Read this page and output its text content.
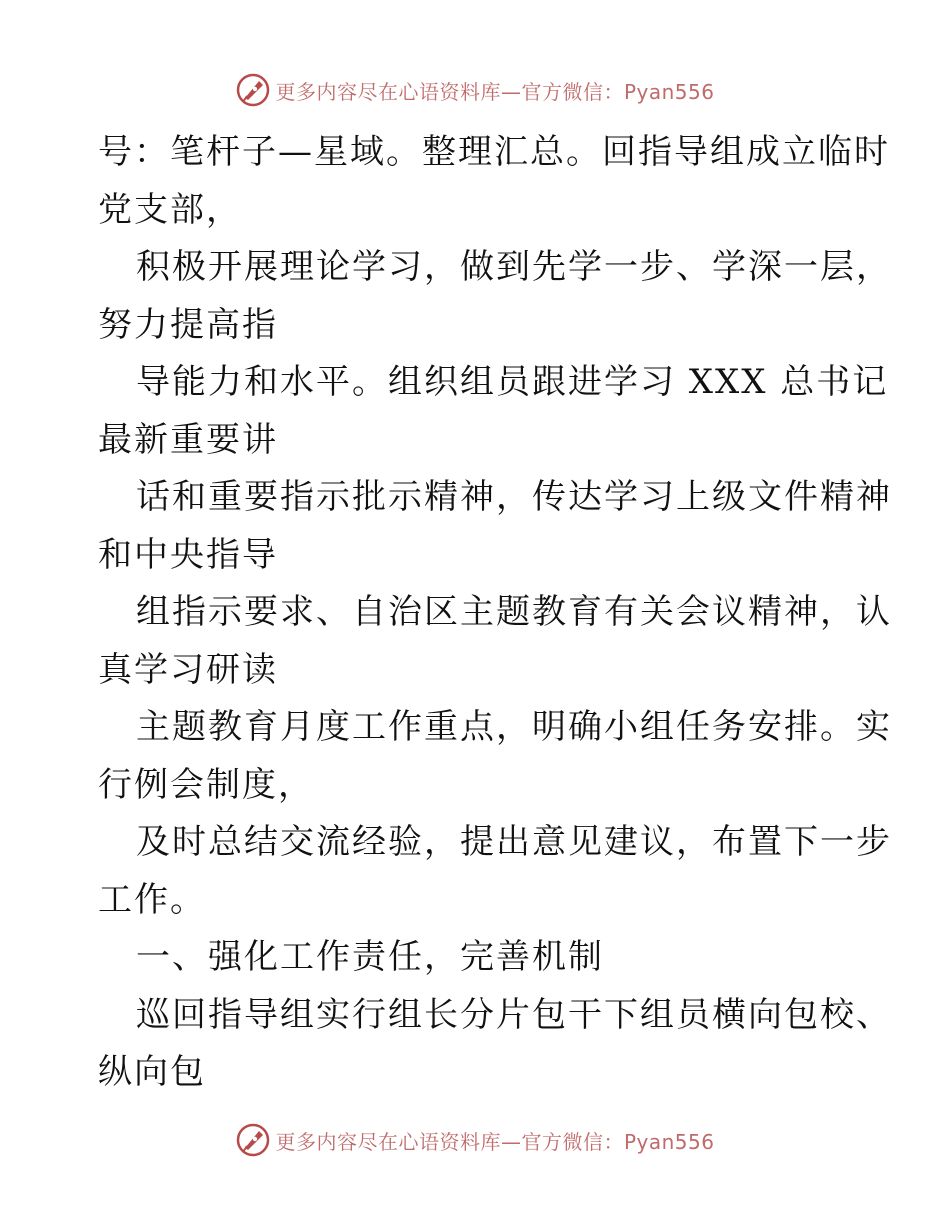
更多内容尽在心语资料库—官方微信：Pyan556
号：笔杆子—星域。整理汇总。回指导组成立临时
党支部，
积极开展理论学习，做到先学一步、学深一层，
努力提高指
导能力和水平。组织组员跟进学习 XXX 总书记
最新重要讲
话和重要指示批示精神，传达学习上级文件精神
和中央指导
组指示要求、自治区主题教育有关会议精神，认
真学习研读
主题教育月度工作重点，明确小组任务安排。实
行例会制度，
及时总结交流经验，提出意见建议，布置下一步
工作。
一、强化工作责任，完善机制
巡回指导组实行组长分片包干下组员横向包校、
纵向包
更多内容尽在心语资料库—官方微信：Pyan556
